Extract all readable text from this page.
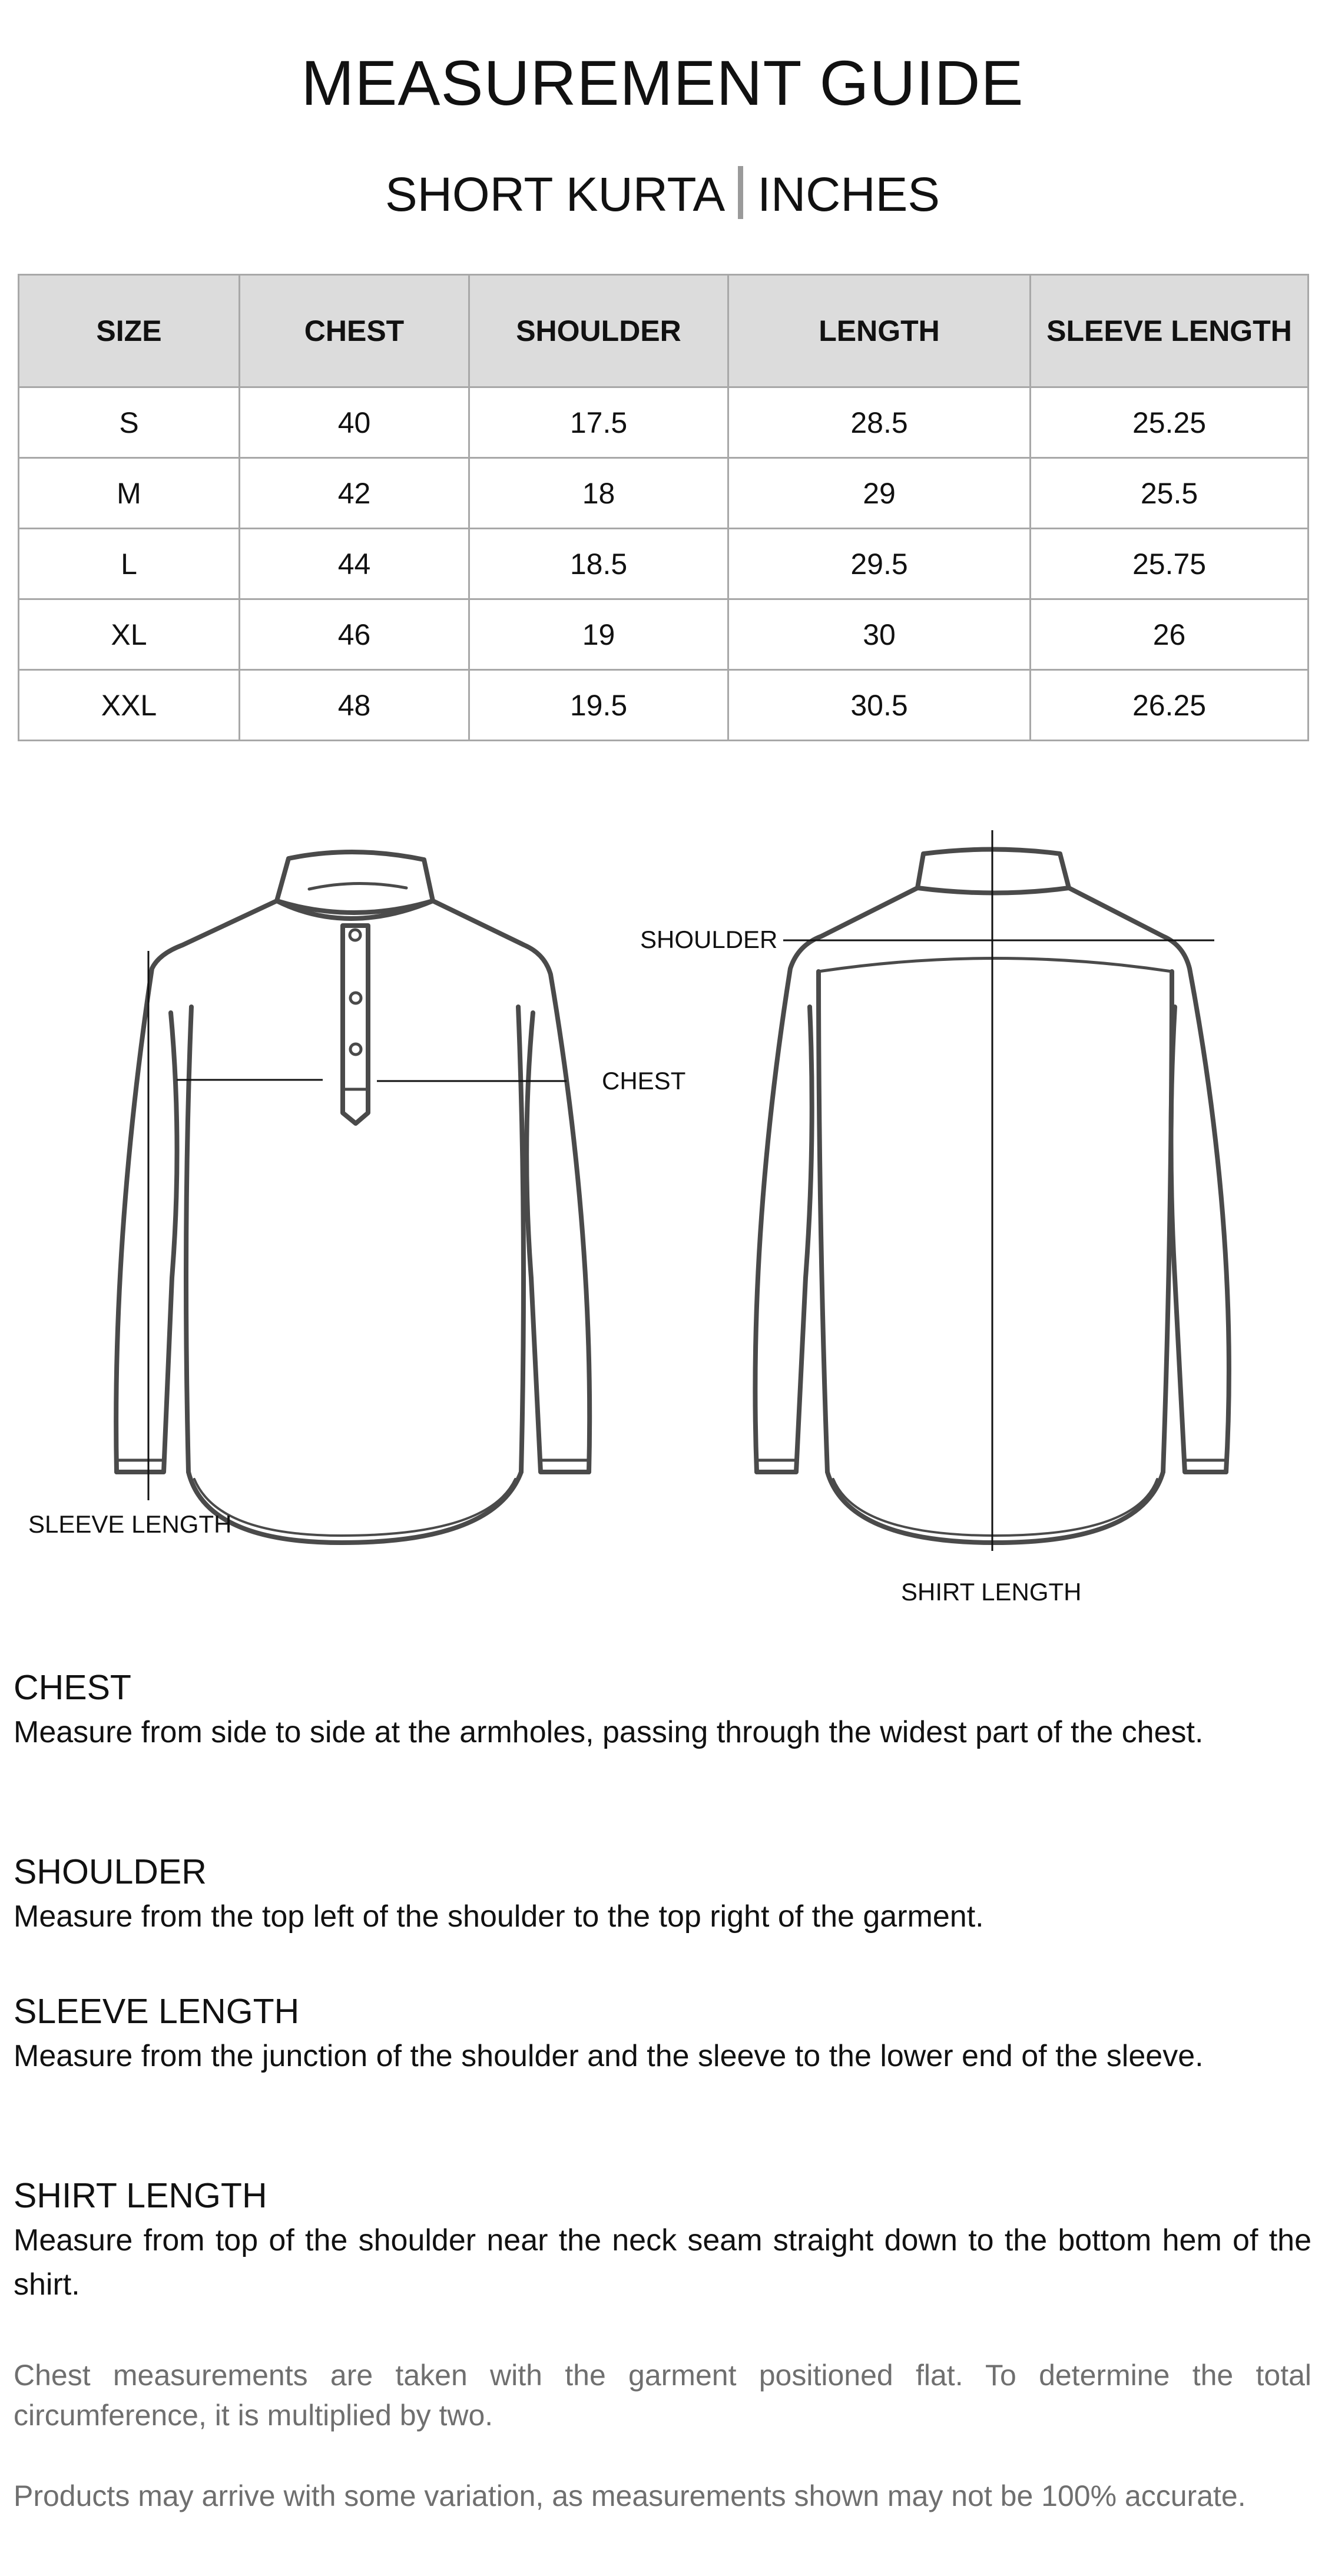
MEASUREMENT GUIDE
SHORT KURTA INCHES
SIZE	CHEST	SHOULDER	LENGTH	SLEEVE LENGTH
S	40	17.5	28.5	25.25
M	42	18	29	25.5
L	44	18.5	29.5	25.75
XL	46	19	30	26
XXL	48	19.5	30.5	26.25
CHEST
SLEEVE LENGTH
SHOULDER
SHIRT LENGTH
CHEST

Measure from side to side at the armholes, passing through the widest part of the chest.

SHOULDER

Measure from the top left of the shoulder to the top right of the garment.

SLEEVE LENGTH

Measure from the junction of the shoulder and the sleeve to the lower end of the sleeve.

SHIRT LENGTH

Measure from top of the shoulder near the neck seam straight down to the bottom hem of the shirt.

Chest measurements are taken with the garment positioned flat. To determine the total circumference, it is multiplied by two.

Products may arrive with some variation, as measurements shown may not be 100% accurate.
